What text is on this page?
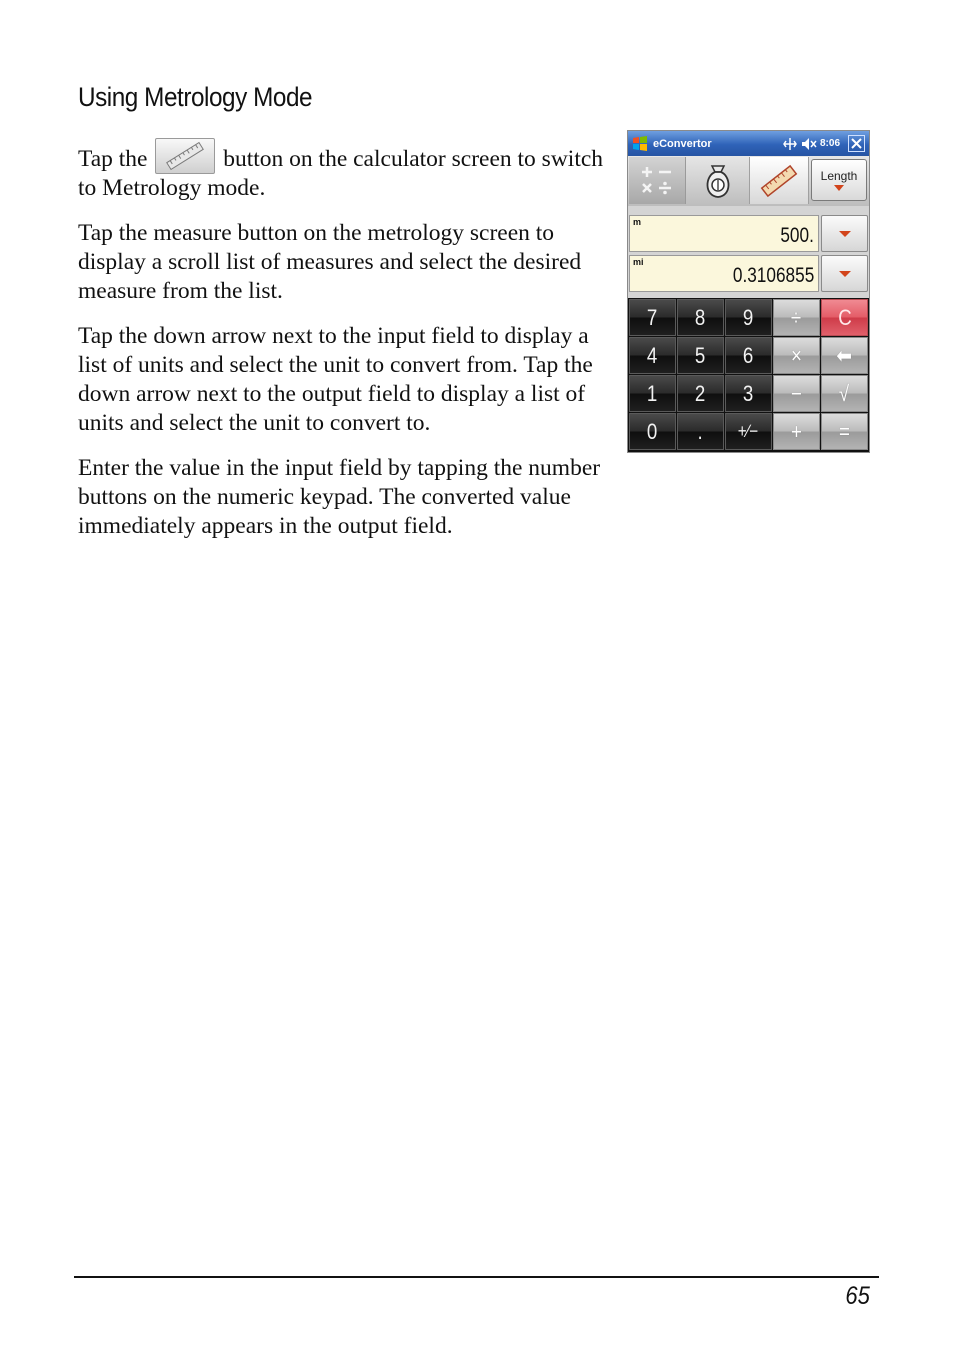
Using Metrology Mode

Tap the	button on the calculator screen to switch to Metrology mode.

Tap the measure button on the metrology screen to display a scroll list of measures and select the desired measure from the list.

Tap the down arrow next to the input field to display a list of units and select the unit to convert from. Tap the down arrow next to the output field to display a list of units and select the unit to convert to.

Enter the value in the input field by tapping the number buttons on the numeric keypad. The converted value immediately appears in the output field.

eConvertor	8:06
Length
m
500.
mi
0.3106855
7 8 9 ÷ C
4 5 6 × ⬅
1 2 3 − √
0 . +∕− + =
65
